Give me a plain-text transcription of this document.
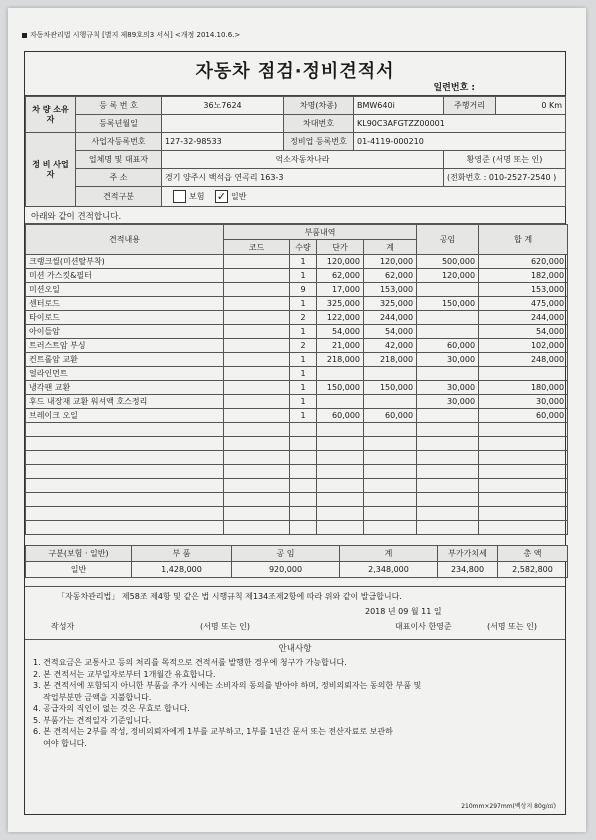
자동차관리법 시행규칙 [별지 제89호의3 서식] <개정 2014.10.6.>
자동차 점검·정비견적서
일련번호 :
차 량 소유자	등 록 번 호	36노7624	차명(차종)	BMW640i	주행거리	0 Km
	등록년월일		차대번호	KL90C3AFGTZZ00001		
정 비 사업자	사업자등록번호	127-32-98533	정비업 등록번호	01-4119-000210		
	업체명 및 대표자	억소자동차나라			황영준 (서명 또는 인)	
	주 소	경기 양주시 백석읍 연곡리 163-3			(전화번호 : 010-2527-2540 )	
	견적구분	보험 ✓ 일반				
아래와 같이 견적합니다.
견적내용	부품내역				공임	합 계
	코드	수량	단가	계		
크랭크씰(미션탈부착)		1	120,000	120,000	500,000	620,000
미션 가스킷&필터		1	62,000	62,000	120,000	182,000
미션오일		9	17,000	153,000		153,000
센터로드		1	325,000	325,000	150,000	475,000
타이로드		2	122,000	244,000		244,000
아이들암		1	54,000	54,000		54,000
트러스트암 부싱		2	21,000	42,000	60,000	102,000
컨트롤암 교환		1	218,000	218,000	30,000	248,000
얼라인먼트		1				
냉각팬 교환		1	150,000	150,000	30,000	180,000
후드 내장재 교환 워셔액 호스정리		1			30,000	30,000
브레이크 오일		1	60,000	60,000		60,000

구분(보험 · 일반)	부 품	공 임	계	부가가치세	총 액
일반	1,428,000	920,000	2,348,000	234,800	2,582,800
「자동차관리법」 제58조 제4항 및 같은 법 시행규칙 제134조제2항에 따라 위와 같이 발급합니다.
2018 년 09 월 11 일
작성자	(서명 또는 인)	대표이사 한영준	(서명 또는 인)
안내사항
1. 견적요금은 교통사고 등의 처리를 목적으로 견적서를 발행한 경우에 청구가 가능합니다.
2. 본 견적서는 교부일자로부터 1개월간 유효합니다.
3. 본 견적서에 포함되지 아니한 부품을 추가 시에는 소비자의 동의를 받아야 하며, 정비의뢰자는 동의한 부품 및
작업부분만 금액을 지불합니다.
4. 공급자의 직인이 없는 것은 무효로 합니다.
5. 부품가는 견적일자 기준입니다.
6. 본 견적서는 2부를 작성, 정비의뢰자에게 1부를 교부하고, 1부를 1년간 문서 또는 전산자료로 보관하
여야 합니다.
210mm×297mm(백상지 80g/㎡)
